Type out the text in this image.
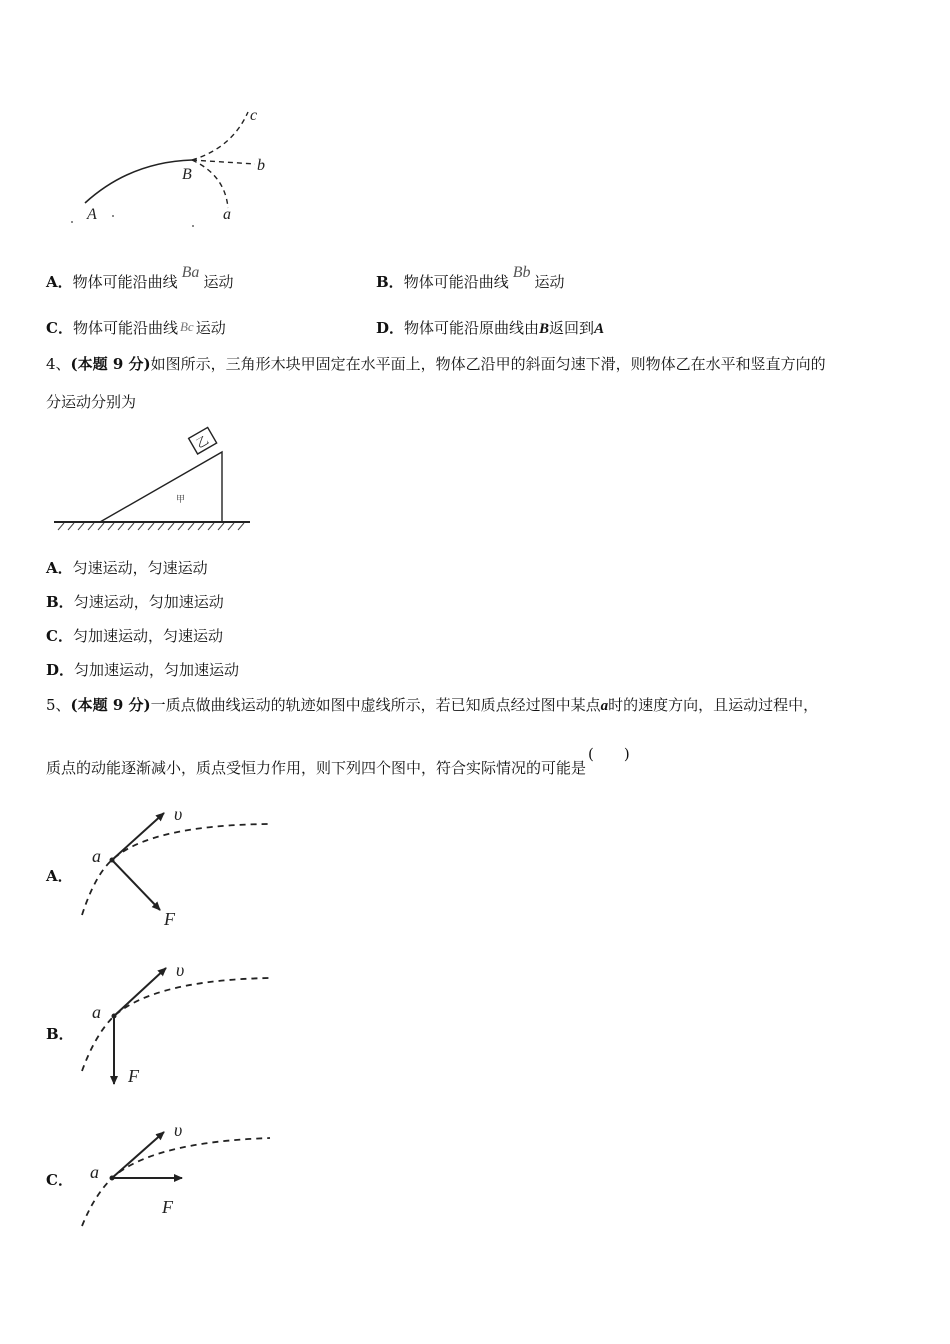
A
B
a
b
c
A．物体可能沿曲线Ba运动	B．物体可能沿曲线Bb运动
C．物体可能沿曲线 Bc 运动	D．物体可能沿原曲线由B返回到A
4、(本题 9 分)如图所示，三角形木块甲固定在水平面上，物体乙沿甲的斜面匀速下滑，则物体乙在水平和竖直方向的
分运动分别为
乙
甲
A．匀速运动，匀速运动
B．匀速运动，匀加速运动
C．匀加速运动，匀速运动
D．匀加速运动，匀加速运动
5、(本题 9 分)一质点做曲线运动的轨迹如图中虚线所示，若已知质点经过图中某点a时的速度方向，且运动过程中，
质点的动能逐渐减小，质点受恒力作用，则下列四个图中，符合实际情况的可能是(　　)
A．
a
υ
F
B．
a
υ
F
C． a
υ
F
